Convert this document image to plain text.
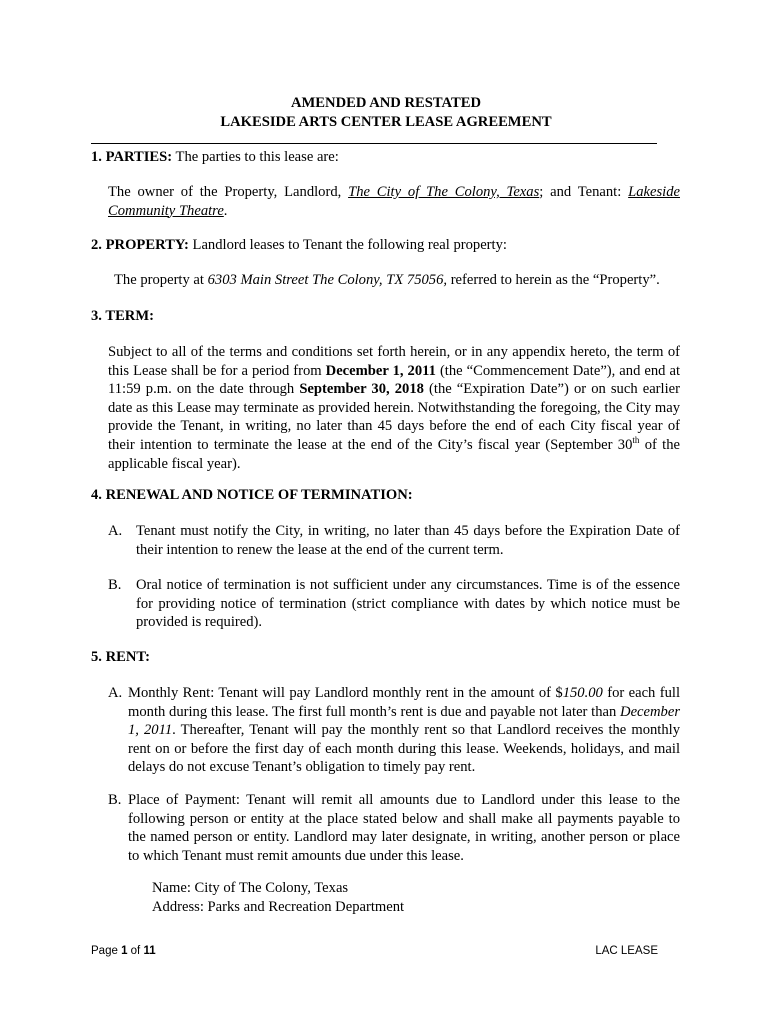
AMENDED AND RESTATED
LAKESIDE ARTS CENTER LEASE AGREEMENT
1. PARTIES: The parties to this lease are:
The owner of the Property, Landlord, The City of The Colony, Texas; and Tenant: Lakeside Community Theatre.
2. PROPERTY: Landlord leases to Tenant the following real property:
The property at 6303 Main Street The Colony, TX 75056, referred to herein as the “Property”.
3. TERM:
Subject to all of the terms and conditions set forth herein, or in any appendix hereto, the term of this Lease shall be for a period from December 1, 2011 (the “Commencement Date”), and end at 11:59 p.m. on the date through September 30, 2018 (the “Expiration Date”) or on such earlier date as this Lease may terminate as provided herein. Notwithstanding the foregoing, the City may provide the Tenant, in writing, no later than 45 days before the end of each City fiscal year of their intention to terminate the lease at the end of the City’s fiscal year (September 30th of the applicable fiscal year).
4. RENEWAL AND NOTICE OF TERMINATION:
A. Tenant must notify the City, in writing, no later than 45 days before the Expiration Date of their intention to renew the lease at the end of the current term.
B. Oral notice of termination is not sufficient under any circumstances. Time is of the essence for providing notice of termination (strict compliance with dates by which notice must be provided is required).
5. RENT:
A. Monthly Rent: Tenant will pay Landlord monthly rent in the amount of $150.00 for each full month during this lease. The first full month’s rent is due and payable not later than December 1, 2011. Thereafter, Tenant will pay the monthly rent so that Landlord receives the monthly rent on or before the first day of each month during this lease. Weekends, holidays, and mail delays do not excuse Tenant’s obligation to timely pay rent.
B. Place of Payment: Tenant will remit all amounts due to Landlord under this lease to the following person or entity at the place stated below and shall make all payments payable to the named person or entity. Landlord may later designate, in writing, another person or place to which Tenant must remit amounts due under this lease.
Name: City of The Colony, Texas
Address: Parks and Recreation Department
Page 1 of 11	LAC LEASE
